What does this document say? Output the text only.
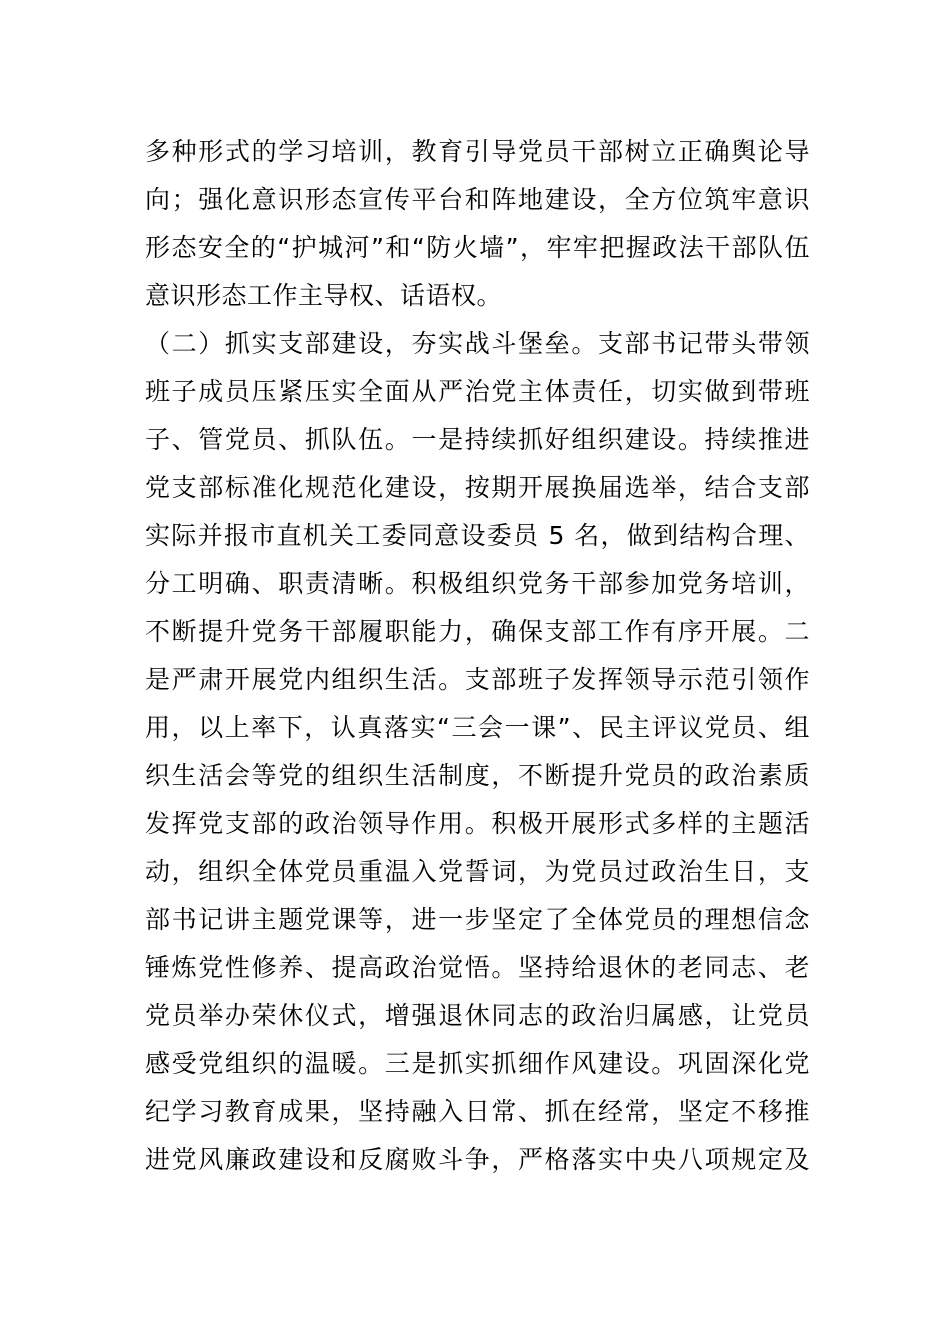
多种形式的学习培训，教育引导党员干部树立正确舆论导
向；强化意识形态宣传平台和阵地建设，全方位筑牢意识
形态安全的“护城河”和“防火墙”，牢牢把握政法干部队伍
意识形态工作主导权、话语权。
（二）抓实支部建设，夯实战斗堡垒。支部书记带头带领
班子成员压紧压实全面从严治党主体责任，切实做到带班
子、管党员、抓队伍。一是持续抓好组织建设。持续推进
党支部标准化规范化建设，按期开展换届选举，结合支部
实际并报市直机关工委同意设委员 5 名，做到结构合理、
分工明确、职责清晰。积极组织党务干部参加党务培训，
不断提升党务干部履职能力，确保支部工作有序开展。二
是严肃开展党内组织生活。支部班子发挥领导示范引领作
用，以上率下，认真落实“三会一课”、民主评议党员、组
织生活会等党的组织生活制度，不断提升党员的政治素质
发挥党支部的政治领导作用。积极开展形式多样的主题活
动，组织全体党员重温入党誓词，为党员过政治生日，支
部书记讲主题党课等，进一步坚定了全体党员的理想信念
锤炼党性修养、提高政治觉悟。坚持给退休的老同志、老
党员举办荣休仪式，增强退休同志的政治归属感，让党员
感受党组织的温暖。三是抓实抓细作风建设。巩固深化党
纪学习教育成果，坚持融入日常、抓在经常，坚定不移推
进党风廉政建设和反腐败斗争，严格落实中央八项规定及
